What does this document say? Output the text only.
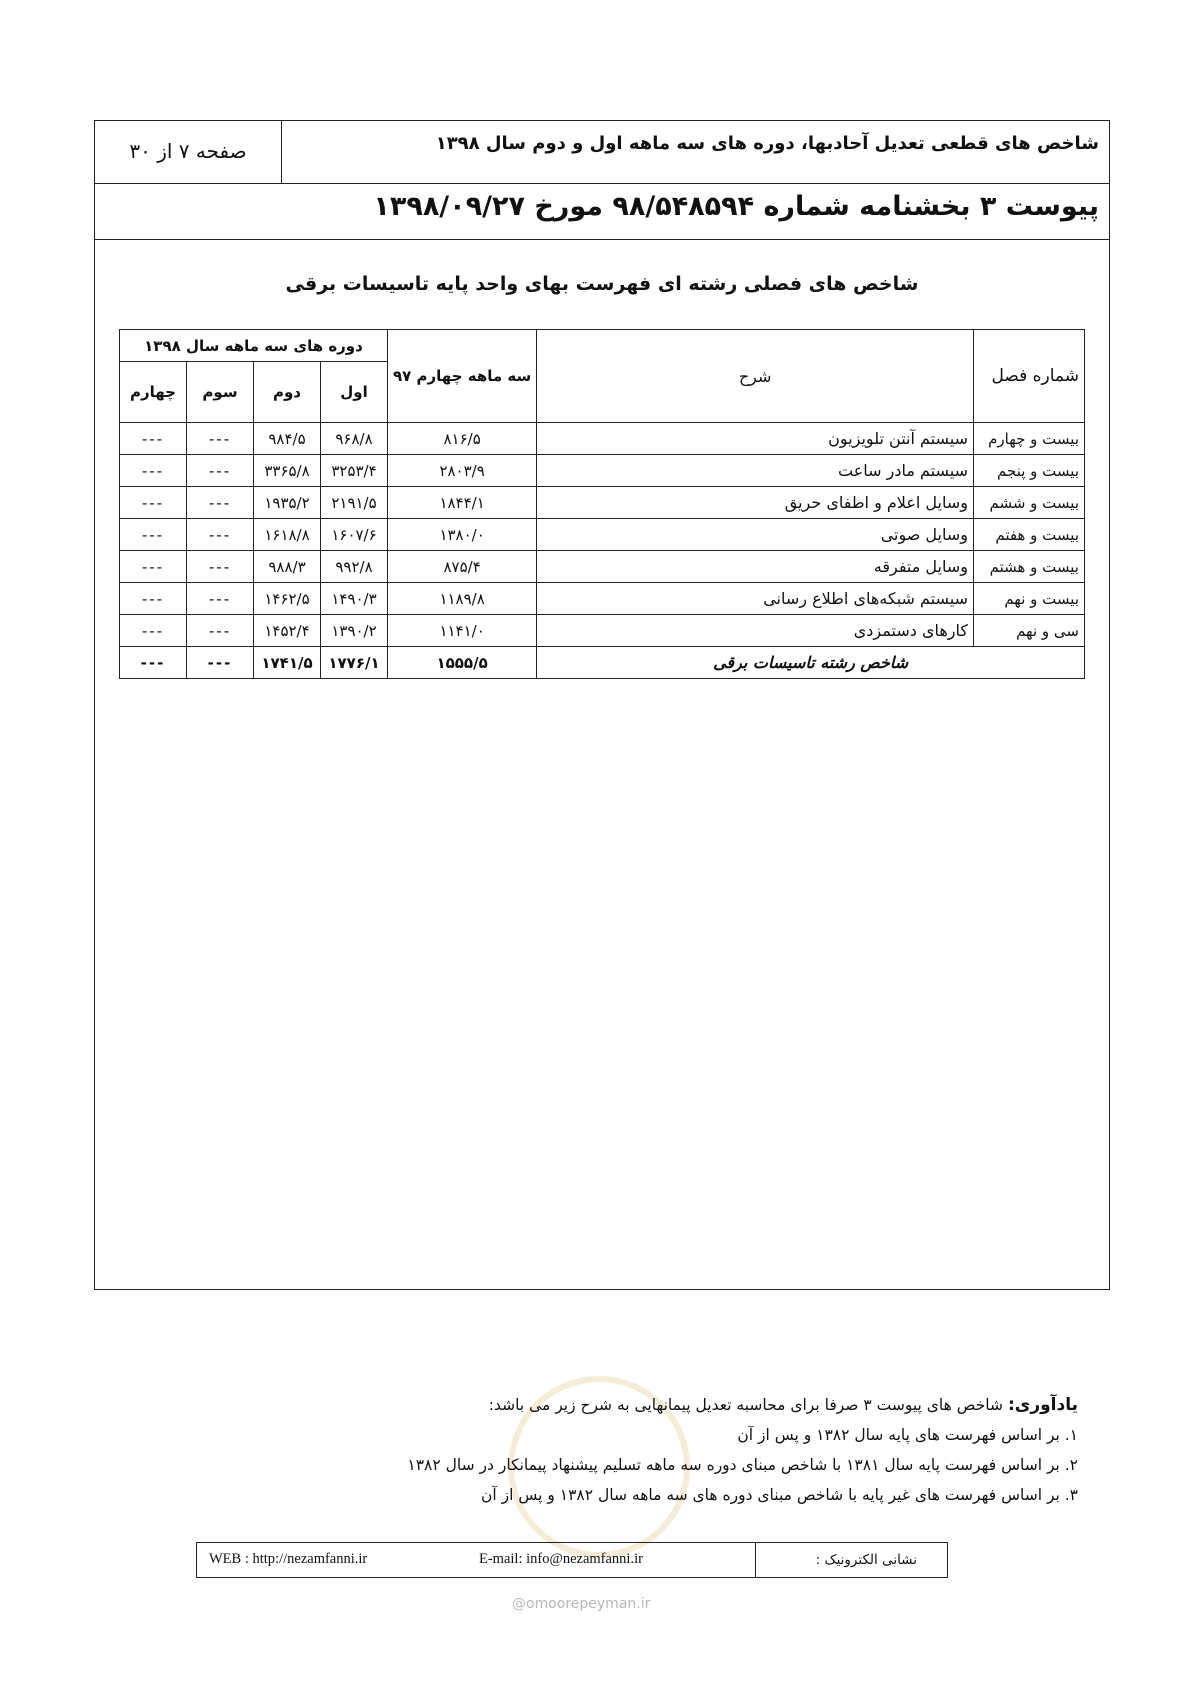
شاخص های قطعی تعدیل آحادبها، دوره های سه ماهه اول و دوم سال ۱۳۹۸
صفحه ۷ از ۳۰
پیوست ۳ بخشنامه شماره ۹۸/۵۴۸۵۹۴ مورخ ۱۳۹۸/۰۹/۲۷
شاخص های فصلی رشته ای فهرست بهای واحد پایه تاسیسات برقی
شماره فصل	شرح	سه ماهه چهارم ۹۷	دوره های سه ماهه سال ۱۳۹۸			
			اول	دوم	سوم	چهارم
بیست و چهارم	سیستم آنتن تلویزیون	۸۱۶/۵	۹۶۸/۸	۹۸۴/۵	---	---
بیست و پنجم	سیستم مادر ساعت	۲۸۰۳/۹	۳۲۵۳/۴	۳۳۶۵/۸	---	---
بیست و ششم	وسایل اعلام و اطفای حریق	۱۸۴۴/۱	۲۱۹۱/۵	۱۹۳۵/۲	---	---
بیست و هفتم	وسایل صوتی	۱۳۸۰/۰	۱۶۰۷/۶	۱۶۱۸/۸	---	---
بیست و هشتم	وسایل متفرقه	۸۷۵/۴	۹۹۲/۸	۹۸۸/۳	---	---
بیست و نهم	سیستم شبکه‌های اطلاع رسانی	۱۱۸۹/۸	۱۴۹۰/۳	۱۴۶۲/۵	---	---
سی و نهم	کارهای دستمزدی	۱۱۴۱/۰	۱۳۹۰/۲	۱۴۵۲/۴	---	---
شاخص رشته تاسیسات برقی		۱۵۵۵/۵	۱۷۷۶/۱	۱۷۴۱/۵	---	---
یادآوری: شاخص های پیوست ۳ صرفا برای محاسبه تعدیل پیمانهایی به شرح زیر می باشد:
۱. بر اساس فهرست های پایه سال ۱۳۸۲ و پس از آن
۲. بر اساس فهرست پایه سال ۱۳۸۱ با شاخص مبنای دوره سه ماهه تسلیم پیشنهاد پیمانکار در سال ۱۳۸۲
۳. بر اساس فهرست های غیر پایه با شاخص مبنای دوره های سه ماهه سال ۱۳۸۲ و پس از آن
نشانی الکترونیک :
E-mail: info@nezamfanni.ir
WEB : http://nezamfanni.ir
@omoorepeyman.ir
